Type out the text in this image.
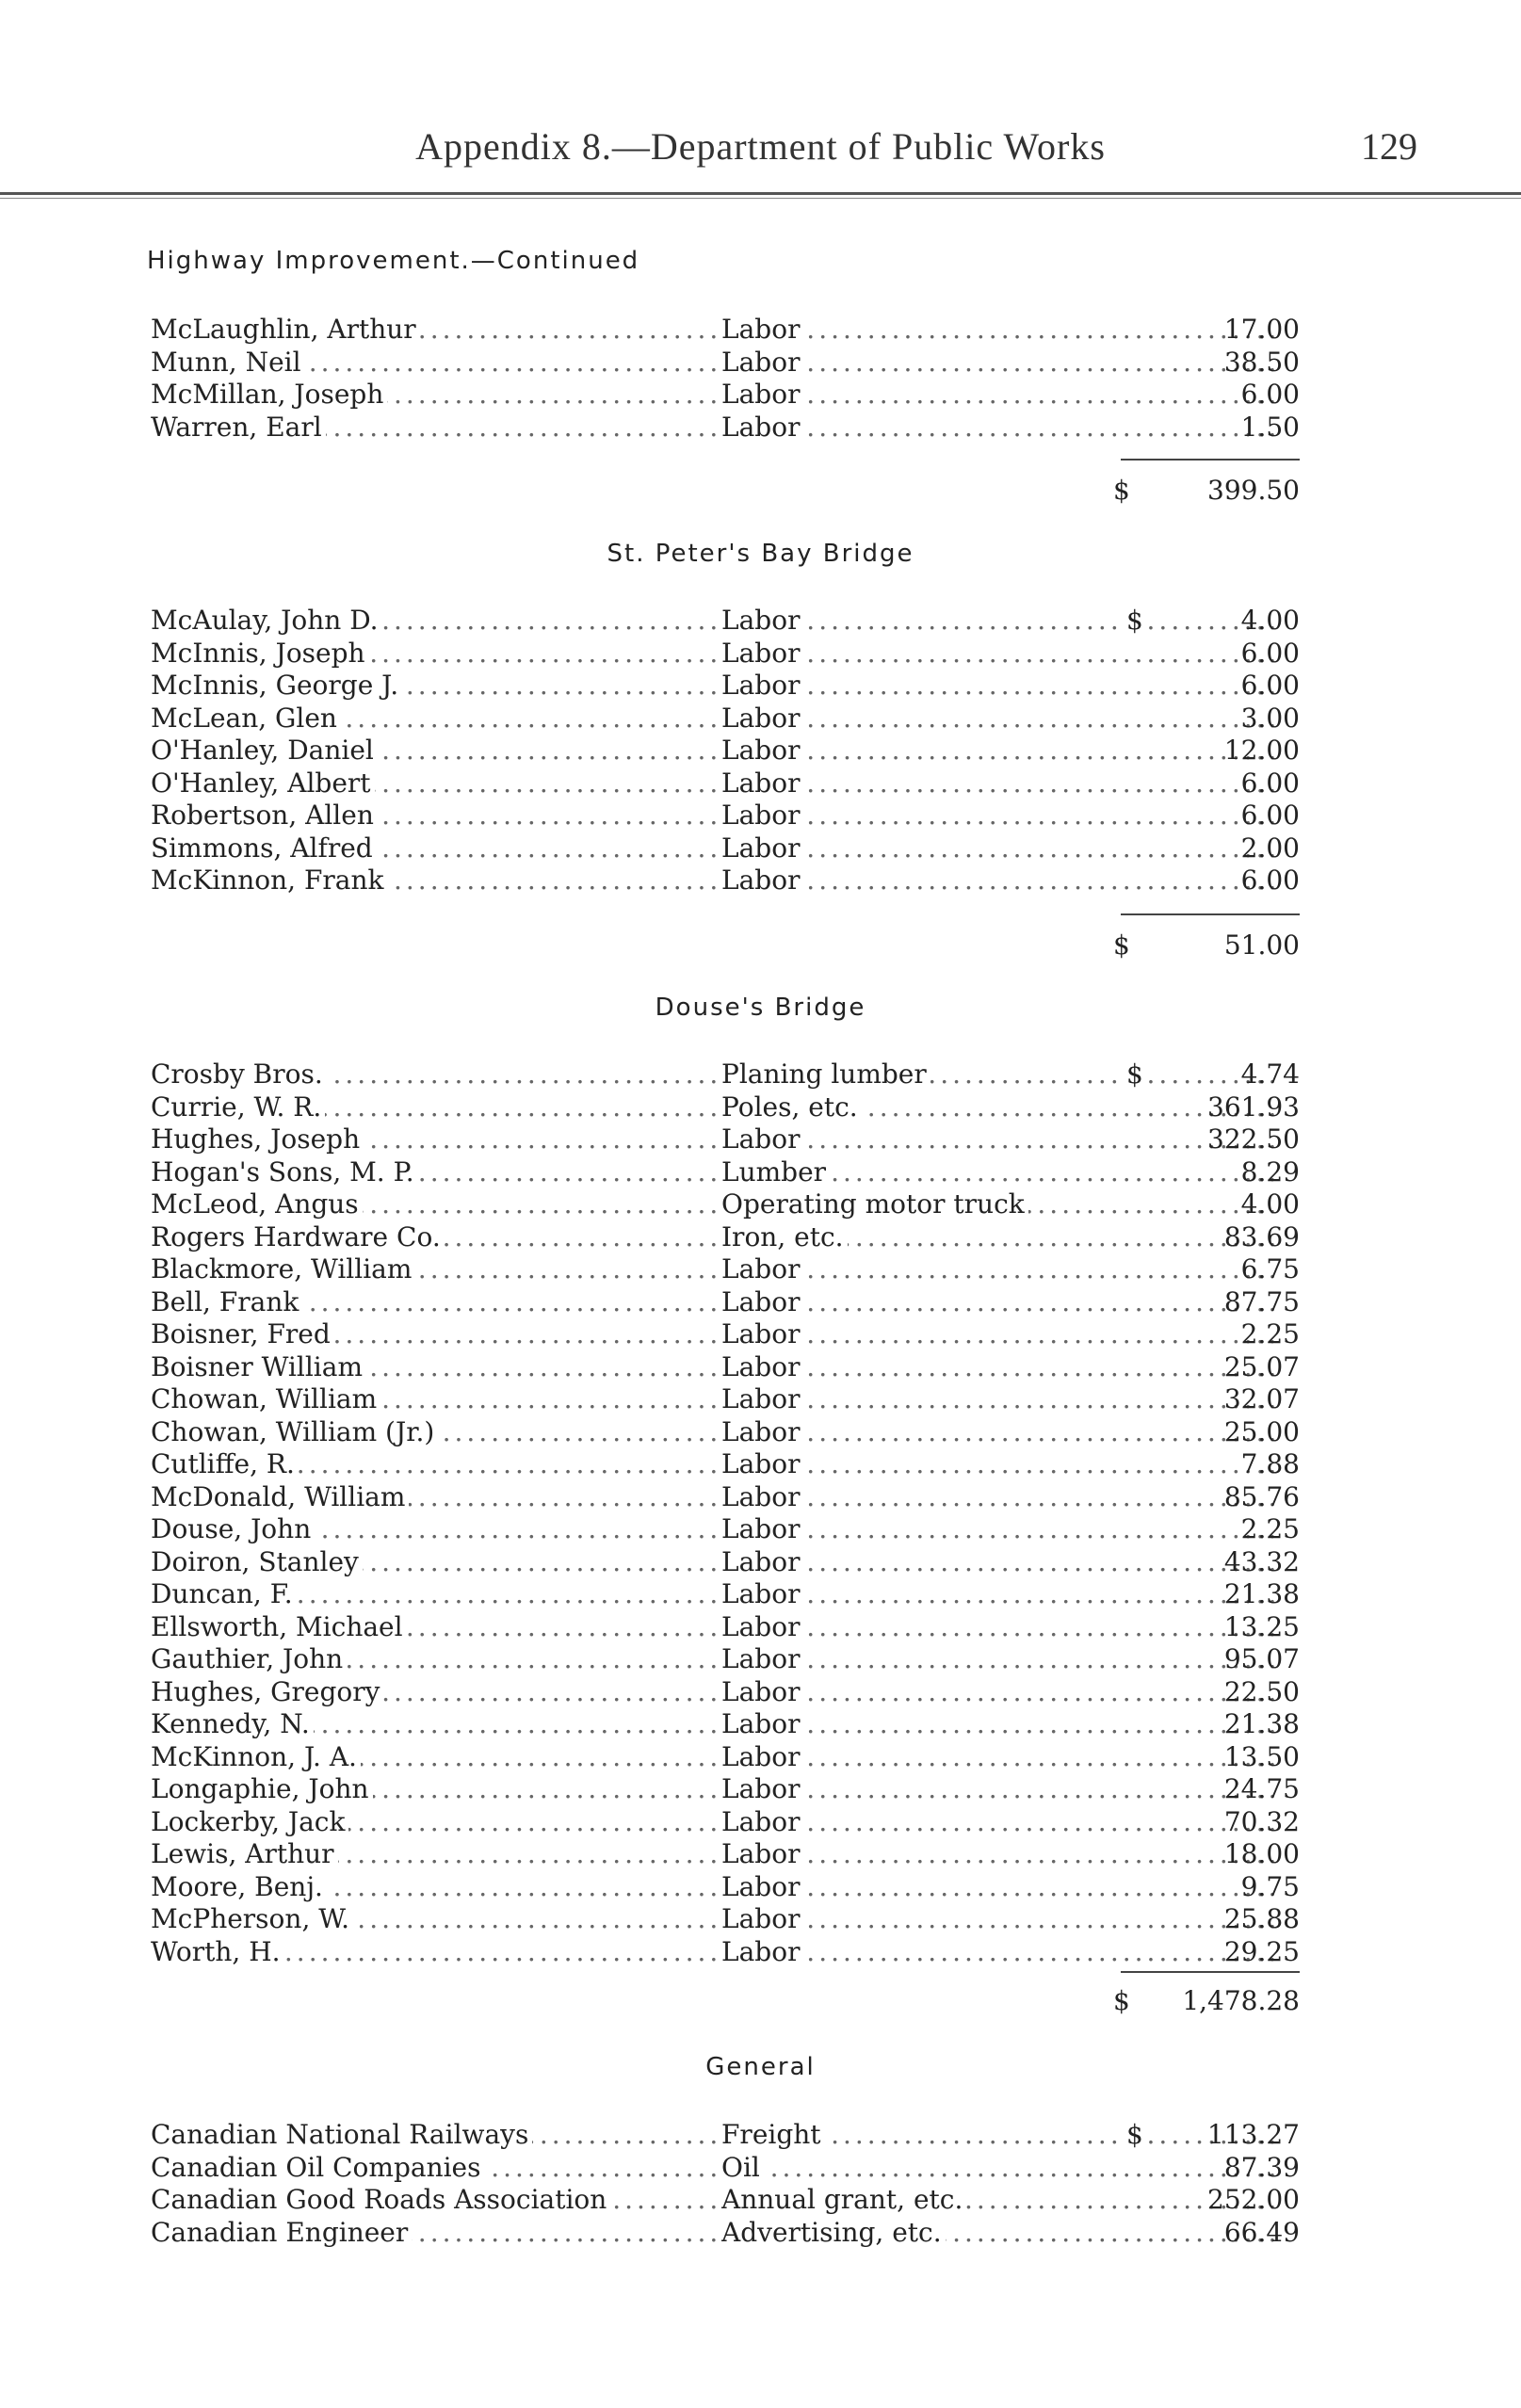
Appendix 8.—Department of Public Works	129
Highway Improvement.—Continued
McLaughlin, Arthur .....	Labor .....	17.00
Munn, Neil .....	Labor .....	38.50
McMillan, Joseph .....	Labor .....	6.00
Warren, Earl .....	Labor .....	1.50
$	399.50
St. Peter's Bay Bridge
McAulay, John D. .....	Labor .....	$	4.00
McInnis, Joseph .....	Labor .....	6.00
McInnis, George J. .....	Labor .....	6.00
McLean, Glen .....	Labor .....	3.00
O'Hanley, Daniel .....	Labor .....	12.00
O'Hanley, Albert .....	Labor .....	6.00
Robertson, Allen .....	Labor .....	6.00
Simmons, Alfred .....	Labor .....	2.00
McKinnon, Frank .....	Labor .....	6.00
$	51.00
Douse's Bridge
Crosby Bros. .....	Planing lumber .....	$	4.74
Currie, W. R. .....	Poles, etc. .....	361.93
Hughes, Joseph .....	Labor .....	322.50
Hogan's Sons, M. P. .....	Lumber .....	8.29
McLeod, Angus .....	Operating motor truck .....	4.00
Rogers Hardware Co. .....	Iron, etc. .....	83.69
Blackmore, William .....	Labor .....	6.75
Bell, Frank .....	Labor .....	87.75
Boisner, Fred .....	Labor .....	2.25
Boisner William .....	Labor .....	25.07
Chowan, William .....	Labor .....	32.07
Chowan, William (Jr.) .....	Labor .....	25.00
Cutliffe, R. .....	Labor .....	7.88
McDonald, William .....	Labor .....	85.76
Douse, John .....	Labor .....	2.25
Doiron, Stanley .....	Labor .....	43.32
Duncan, F. .....	Labor .....	21.38
Ellsworth, Michael .....	Labor .....	13.25
Gauthier, John .....	Labor .....	95.07
Hughes, Gregory .....	Labor .....	22.50
Kennedy, N. .....	Labor .....	21.38
McKinnon, J. A. .....	Labor .....	13.50
Longaphie, John .....	Labor .....	24.75
Lockerby, Jack .....	Labor .....	70.32
Lewis, Arthur .....	Labor .....	18.00
Moore, Benj. .....	Labor .....	9.75
McPherson, W. .....	Labor .....	25.88
Worth, H. .....	Labor .....	29.25
$ 1,478.28
General
Canadian National Railways .....	Freight .....	$	113.27
Canadian Oil Companies .....	Oil .....	87.39
Canadian Good Roads Association .....	Annual grant, etc. .....	252.00
Canadian Engineer .....	Advertising, etc. .....	66.49
